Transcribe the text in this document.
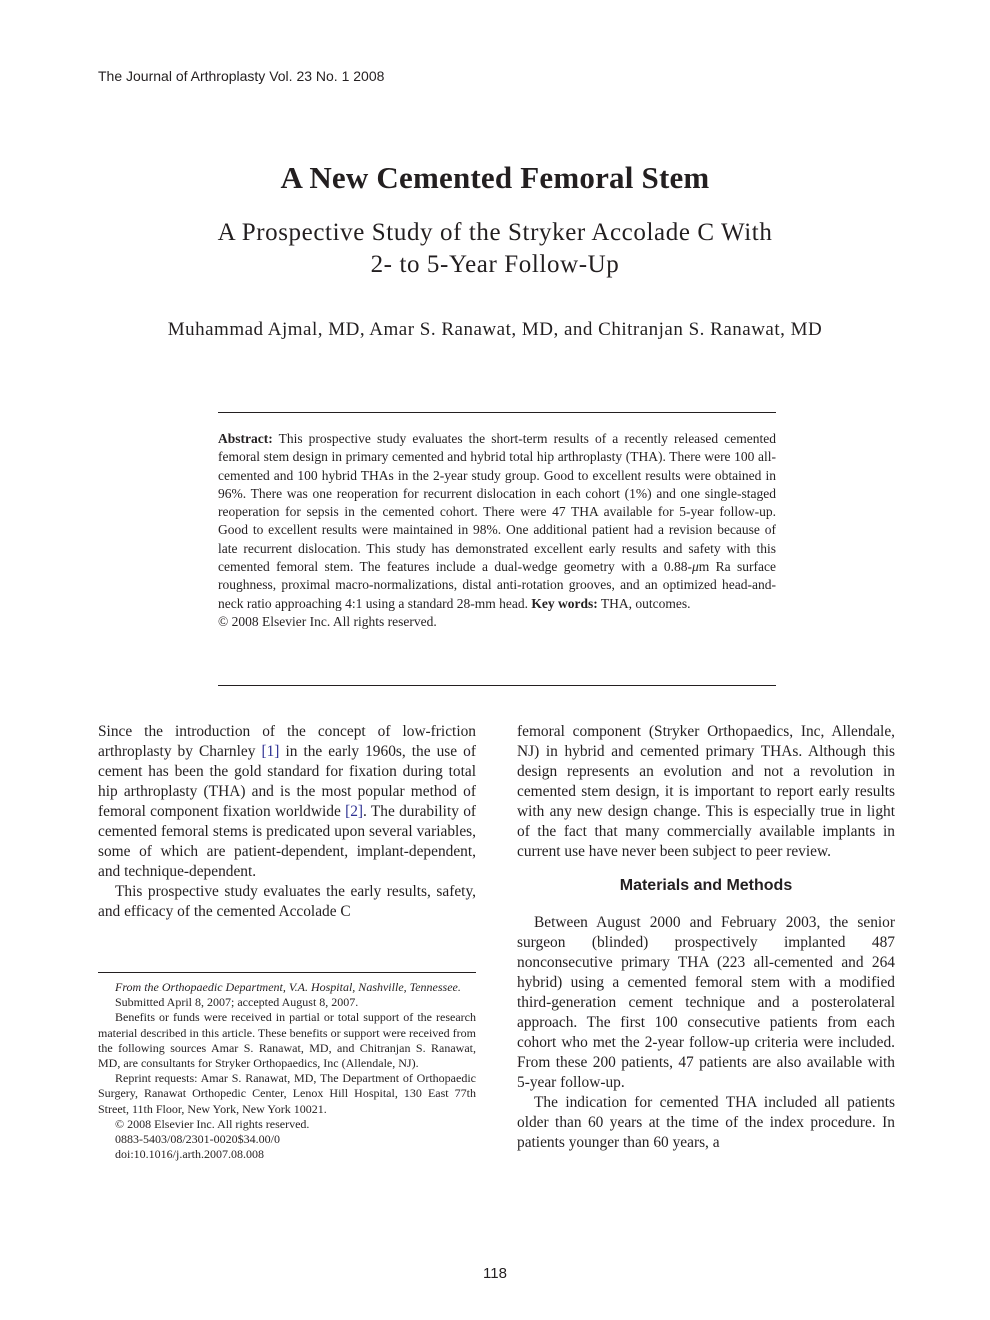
The Journal of Arthroplasty Vol. 23 No. 1 2008
A New Cemented Femoral Stem
A Prospective Study of the Stryker Accolade C With
2- to 5-Year Follow-Up
Muhammad Ajmal, MD, Amar S. Ranawat, MD, and Chitranjan S. Ranawat, MD
Abstract: This prospective study evaluates the short-term results of a recently released cemented femoral stem design in primary cemented and hybrid total hip arthroplasty (THA). There were 100 all-cemented and 100 hybrid THAs in the 2-year study group. Good to excellent results were obtained in 96%. There was one reoperation for recurrent dislocation in each cohort (1%) and one single-staged reoperation for sepsis in the cemented cohort. There were 47 THA available for 5-year follow-up. Good to excellent results were maintained in 98%. One additional patient had a revision because of late recurrent dislocation. This study has demonstrated excellent early results and safety with this cemented femoral stem. The features include a dual-wedge geometry with a 0.88-μm Ra surface roughness, proximal macro-normalizations, distal anti-rotation grooves, and an optimized head-and-neck ratio approaching 4:1 using a standard 28-mm head. Key words: THA, outcomes.
© 2008 Elsevier Inc. All rights reserved.

Since the introduction of the concept of low-friction arthroplasty by Charnley [1] in the early 1960s, the use of cement has been the gold standard for fixation during total hip arthroplasty (THA) and is the most popular method of femoral component fixation worldwide [2]. The durability of cemented femoral stems is predicated upon several variables, some of which are patient-dependent, implant-dependent, and technique-dependent.

This prospective study evaluates the early results, safety, and efficacy of the cemented Accolade C

From the Orthopaedic Department, V.A. Hospital, Nashville, Tennessee.

Submitted April 8, 2007; accepted August 8, 2007.

Benefits or funds were received in partial or total support of the research material described in this article. These benefits or support were received from the following sources Amar S. Ranawat, MD, and Chitranjan S. Ranawat, MD, are consultants for Stryker Orthopaedics, Inc (Allendale, NJ).

Reprint requests: Amar S. Ranawat, MD, The Department of Orthopaedic Surgery, Ranawat Orthopedic Center, Lenox Hill Hospital, 130 East 77th Street, 11th Floor, New York, New York 10021.

© 2008 Elsevier Inc. All rights reserved.

0883-5403/08/2301-0020$34.00/0

doi:10.1016/j.arth.2007.08.008

femoral component (Stryker Orthopaedics, Inc, Allendale, NJ) in hybrid and cemented primary THAs. Although this design represents an evolution and not a revolution in cemented stem design, it is important to report early results with any new design change. This is especially true in light of the fact that many commercially available implants in current use have never been subject to peer review.

Materials and Methods

Between August 2000 and February 2003, the senior surgeon (blinded) prospectively implanted 487 nonconsecutive primary THA (223 all-cemented and 264 hybrid) using a cemented femoral stem with a modified third-generation cement technique and a posterolateral approach. The first 100 consecutive patients from each cohort who met the 2-year follow-up criteria were included. From these 200 patients, 47 patients are also available with 5-year follow-up.

The indication for cemented THA included all patients older than 60 years at the time of the index procedure. In patients younger than 60 years, a

118
